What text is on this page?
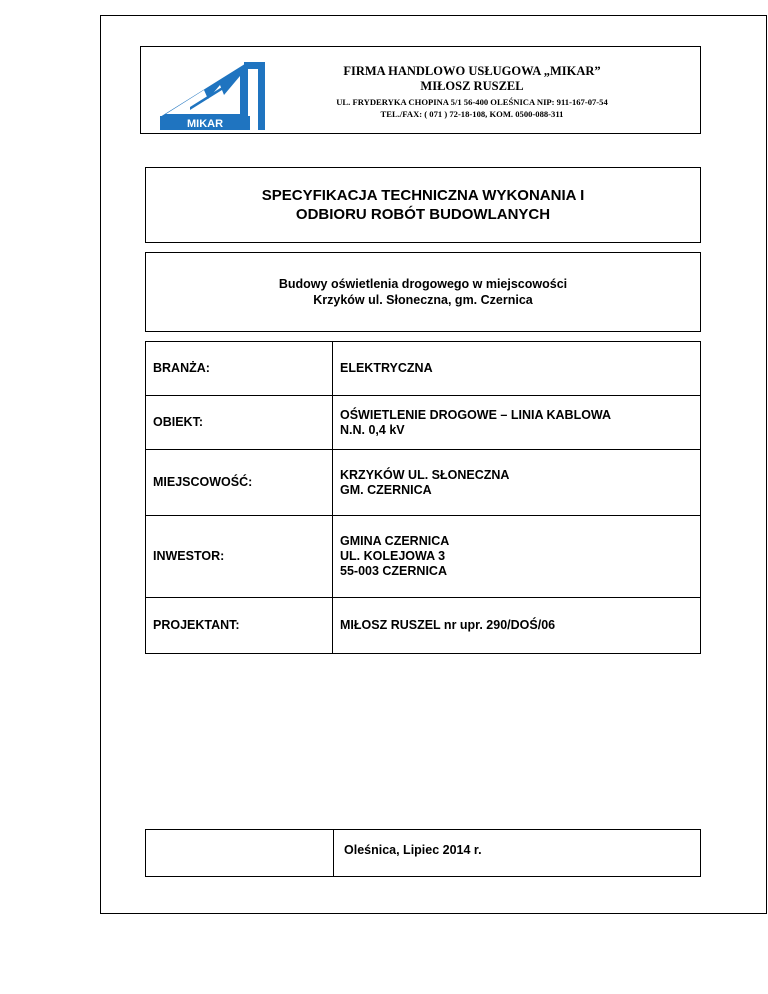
MIKAR
FIRMA HANDLOWO USŁUGOWA „MIKAR”
MIŁOSZ RUSZEL
UL. FRYDERYKA CHOPINA 5/1 56-400 OLEŚNICA NIP: 911-167-07-54
TEL./FAX: ( 071 ) 72-18-108, KOM. 0500-088-311
SPECYFIKACJA TECHNICZNA WYKONANIA I
ODBIORU ROBÓT BUDOWLANYCH
Budowy oświetlenia drogowego w miejscowości
Krzyków ul. Słoneczna, gm. Czernica
BRANŻA:	ELEKTRYCZNA

OBIEKT:	OŚWIETLENIE DROGOWE – LINIA KABLOWA
N.N. 0,4 kV

MIEJSCOWOŚĆ:	KRZYKÓW UL. SŁONECZNA
GM. CZERNICA

INWESTOR:	GMINA CZERNICA
UL. KOLEJOWA 3
55-003 CZERNICA

PROJEKTANT:	MIŁOSZ RUSZEL nr upr. 290/DOŚ/06
	Oleśnica, Lipiec 2014 r.
